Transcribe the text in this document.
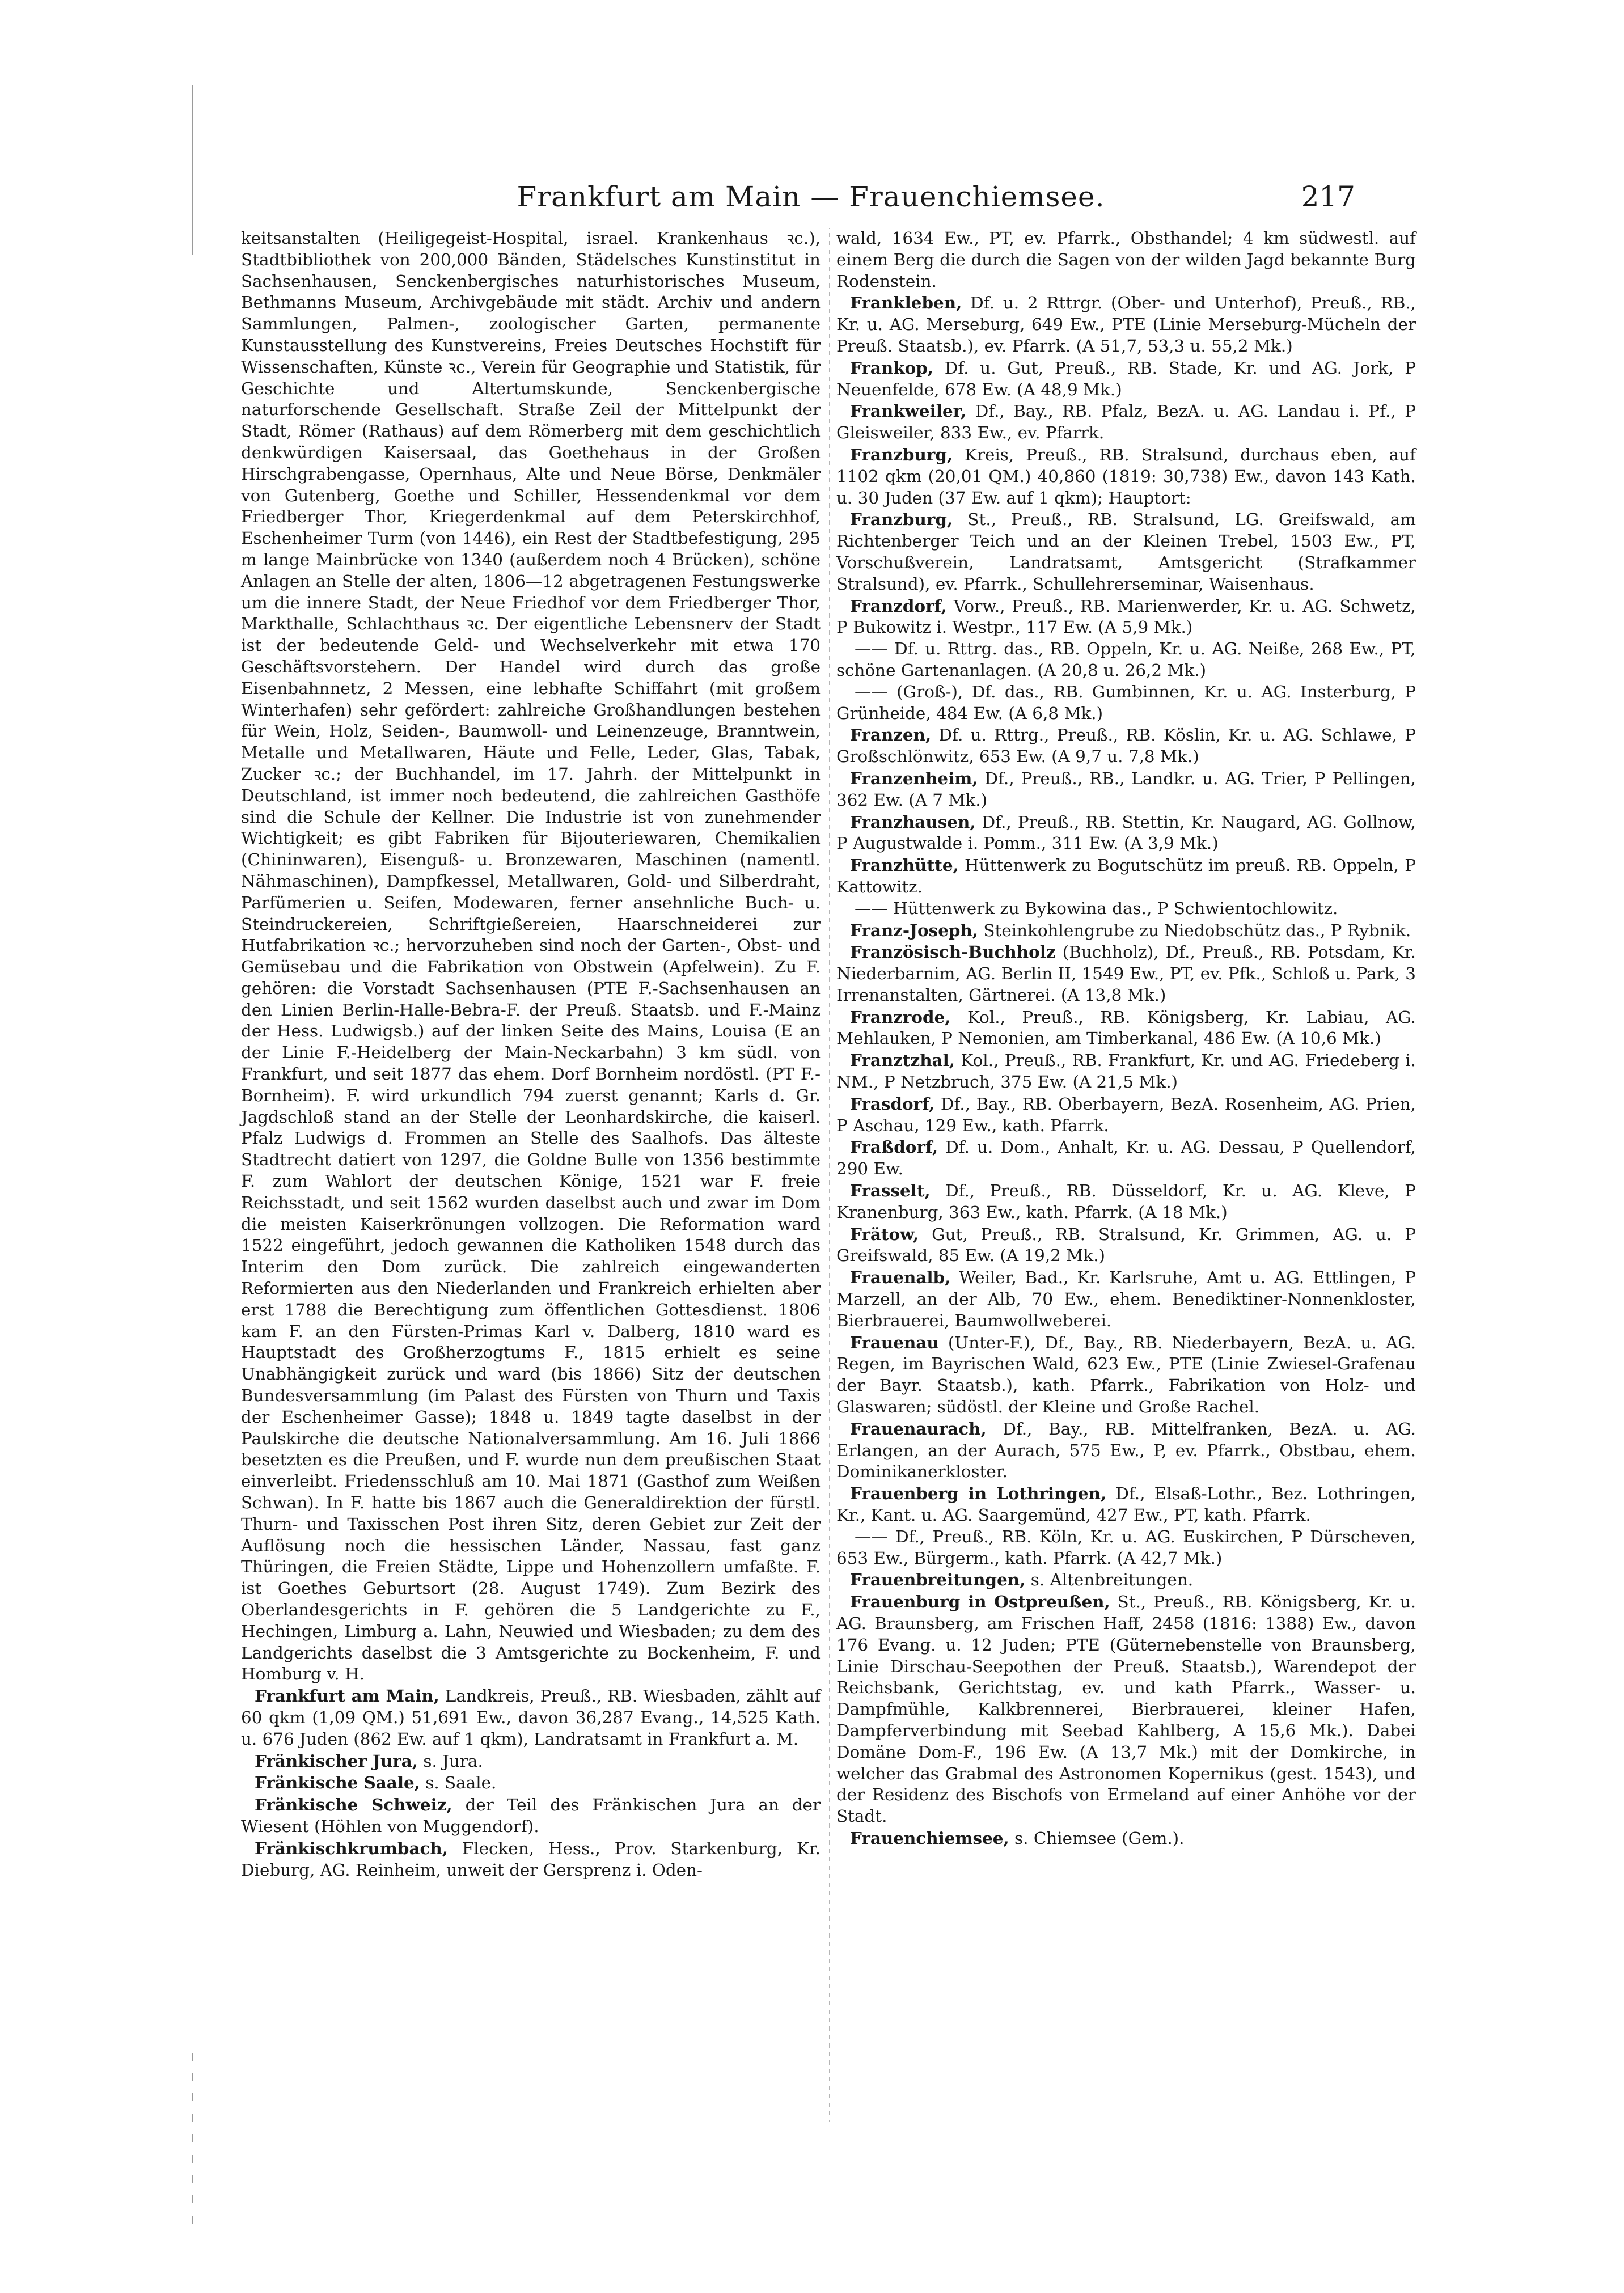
Frankfurt am Main — Frauenchiemsee.	217

keitsanstalten (Heiligegeist-Hospital, israel. Krankenhaus ꝛc.), Stadtbibliothek von 200,000 Bänden, Städelsches Kunstinstitut in Sachsenhausen, Senckenbergisches naturhistorisches Museum, Bethmanns Museum, Archivgebäude mit städt. Archiv und andern Sammlungen, Palmen-, zoologischer Garten, permanente Kunstausstellung des Kunstvereins, Freies Deutsches Hochstift für Wissenschaften, Künste ꝛc., Verein für Geographie und Statistik, für Geschichte und Altertumskunde, Senckenbergische naturforschende Gesellschaft. Straße Zeil der Mittelpunkt der Stadt, Römer (Rathaus) auf dem Römerberg mit dem geschichtlich denkwürdigen Kaisersaal, das Goethehaus in der Großen Hirschgrabengasse, Opernhaus, Alte und Neue Börse, Denkmäler von Gutenberg, Goethe und Schiller, Hessendenkmal vor dem Friedberger Thor, Kriegerdenkmal auf dem Peterskirchhof, Eschenheimer Turm (von 1446), ein Rest der Stadtbefestigung, 295 m lange Mainbrücke von 1340 (außerdem noch 4 Brücken), schöne Anlagen an Stelle der alten, 1806—12 abgetragenen Festungswerke um die innere Stadt, der Neue Friedhof vor dem Friedberger Thor, Markthalle, Schlachthaus ꝛc. Der eigentliche Lebensnerv der Stadt ist der bedeutende Geld- und Wechselverkehr mit etwa 170 Geschäftsvorstehern. Der Handel wird durch das große Eisenbahnnetz, 2 Messen, eine lebhafte Schiffahrt (mit großem Winterhafen) sehr gefördert: zahlreiche Großhandlungen bestehen für Wein, Holz, Seiden-, Baumwoll- und Leinenzeuge, Branntwein, Metalle und Metallwaren, Häute und Felle, Leder, Glas, Tabak, Zucker ꝛc.; der Buchhandel, im 17. Jahrh. der Mittelpunkt in Deutschland, ist immer noch bedeutend, die zahlreichen Gasthöfe sind die Schule der Kellner. Die Industrie ist von zunehmender Wichtigkeit; es gibt Fabriken für Bijouteriewaren, Chemikalien (Chininwaren), Eisenguß- u. Bronzewaren, Maschinen (namentl. Nähmaschinen), Dampfkessel, Metallwaren, Gold- und Silberdraht, Parfümerien u. Seifen, Modewaren, ferner ansehnliche Buch- u. Steindruckereien, Schriftgießereien, Haarschneiderei zur Hutfabrikation ꝛc.; hervorzuheben sind noch der Garten-, Obst- und Gemüsebau und die Fabrikation von Obstwein (Apfelwein). Zu F. gehören: die Vorstadt Sachsenhausen (PTE F.-Sachsenhausen an den Linien Berlin-Halle-Bebra-F. der Preuß. Staatsb. und F.-Mainz der Hess. Ludwigsb.) auf der linken Seite des Mains, Louisa (E an der Linie F.-Heidelberg der Main-Neckarbahn) 3 km südl. von Frankfurt, und seit 1877 das ehem. Dorf Bornheim nordöstl. (PT F.-Bornheim). F. wird urkundlich 794 zuerst genannt; Karls d. Gr. Jagdschloß stand an der Stelle der Leonhardskirche, die kaiserl. Pfalz Ludwigs d. Frommen an Stelle des Saalhofs. Das älteste Stadtrecht datiert von 1297, die Goldne Bulle von 1356 bestimmte F. zum Wahlort der deutschen Könige, 1521 war F. freie Reichsstadt, und seit 1562 wurden daselbst auch und zwar im Dom die meisten Kaiserkrönungen vollzogen. Die Reformation ward 1522 eingeführt, jedoch gewannen die Katholiken 1548 durch das Interim den Dom zurück. Die zahlreich eingewanderten Reformierten aus den Niederlanden und Frankreich erhielten aber erst 1788 die Berechtigung zum öffentlichen Gottesdienst. 1806 kam F. an den Fürsten-Primas Karl v. Dalberg, 1810 ward es Hauptstadt des Großherzogtums F., 1815 erhielt es seine Unabhängigkeit zurück und ward (bis 1866) Sitz der deutschen Bundesversammlung (im Palast des Fürsten von Thurn und Taxis der Eschenheimer Gasse); 1848 u. 1849 tagte daselbst in der Paulskirche die deutsche Nationalversammlung. Am 16. Juli 1866 besetzten es die Preußen, und F. wurde nun dem preußischen Staat einverleibt. Friedensschluß am 10. Mai 1871 (Gasthof zum Weißen Schwan). In F. hatte bis 1867 auch die Generaldirektion der fürstl. Thurn- und Taxisschen Post ihren Sitz, deren Gebiet zur Zeit der Auflösung noch die hessischen Länder, Nassau, fast ganz Thüringen, die Freien Städte, Lippe und Hohenzollern umfaßte. F. ist Goethes Geburtsort (28. August 1749). Zum Bezirk des Oberlandesgerichts in F. gehören die 5 Landgerichte zu F., Hechingen, Limburg a. Lahn, Neuwied und Wiesbaden; zu dem des Landgerichts daselbst die 3 Amtsgerichte zu Bockenheim, F. und Homburg v. H.

Frankfurt am Main, Landkreis, Preuß., RB. Wiesbaden, zählt auf 60 qkm (1,09 QM.) 51,691 Ew., davon 36,287 Evang., 14,525 Kath. u. 676 Juden (862 Ew. auf 1 qkm), Landratsamt in Frankfurt a. M.

Fränkischer Jura, s. Jura.

Fränkische Saale, s. Saale.

Fränkische Schweiz, der Teil des Fränkischen Jura an der Wiesent (Höhlen von Muggendorf).

Fränkischkrumbach, Flecken, Hess., Prov. Starkenburg, Kr. Dieburg, AG. Reinheim, unweit der Gersprenz i. Oden-

wald, 1634 Ew., PT, ev. Pfarrk., Obsthandel; 4 km südwestl. auf einem Berg die durch die Sagen von der wilden Jagd bekannte Burg Rodenstein.

Frankleben, Df. u. 2 Rttrgr. (Ober- und Unterhof), Preuß., RB., Kr. u. AG. Merseburg, 649 Ew., PTE (Linie Merseburg-Mücheln der Preuß. Staatsb.), ev. Pfarrk. (A 51,7, 53,3 u. 55,2 Mk.)

Frankop, Df. u. Gut, Preuß., RB. Stade, Kr. und AG. Jork, P Neuenfelde, 678 Ew. (A 48,9 Mk.)

Frankweiler, Df., Bay., RB. Pfalz, BezA. u. AG. Landau i. Pf., P Gleisweiler, 833 Ew., ev. Pfarrk.

Franzburg, Kreis, Preuß., RB. Stralsund, durchaus eben, auf 1102 qkm (20,01 QM.) 40,860 (1819: 30,738) Ew., davon 143 Kath. u. 30 Juden (37 Ew. auf 1 qkm); Hauptort:

Franzburg, St., Preuß., RB. Stralsund, LG. Greifswald, am Richtenberger Teich und an der Kleinen Trebel, 1503 Ew., PT, Vorschußverein, Landratsamt, Amtsgericht (Strafkammer Stralsund), ev. Pfarrk., Schullehrerseminar, Waisenhaus.

Franzdorf, Vorw., Preuß., RB. Marienwerder, Kr. u. AG. Schwetz, P Bukowitz i. Westpr., 117 Ew. (A 5,9 Mk.)

—— Df. u. Rttrg. das., RB. Oppeln, Kr. u. AG. Neiße, 268 Ew., PT, schöne Gartenanlagen. (A 20,8 u. 26,2 Mk.)

—— (Groß-), Df. das., RB. Gumbinnen, Kr. u. AG. Insterburg, P Grünheide, 484 Ew. (A 6,8 Mk.)

Franzen, Df. u. Rttrg., Preuß., RB. Köslin, Kr. u. AG. Schlawe, P Großschlönwitz, 653 Ew. (A 9,7 u. 7,8 Mk.)

Franzenheim, Df., Preuß., RB., Landkr. u. AG. Trier, P Pellingen, 362 Ew. (A 7 Mk.)

Franzhausen, Df., Preuß., RB. Stettin, Kr. Naugard, AG. Gollnow, P Augustwalde i. Pomm., 311 Ew. (A 3,9 Mk.)

Franzhütte, Hüttenwerk zu Bogutschütz im preuß. RB. Oppeln, P Kattowitz.

—— Hüttenwerk zu Bykowina das., P Schwientochlowitz.

Franz-Joseph, Steinkohlengrube zu Niedobschütz das., P Rybnik.

Französisch-Buchholz (Buchholz), Df., Preuß., RB. Potsdam, Kr. Niederbarnim, AG. Berlin II, 1549 Ew., PT, ev. Pfk., Schloß u. Park, 3 Irrenanstalten, Gärtnerei. (A 13,8 Mk.)

Franzrode, Kol., Preuß., RB. Königsberg, Kr. Labiau, AG. Mehlauken, P Nemonien, am Timberkanal, 486 Ew. (A 10,6 Mk.)

Franztzhal, Kol., Preuß., RB. Frankfurt, Kr. und AG. Friedeberg i. NM., P Netzbruch, 375 Ew. (A 21,5 Mk.)

Frasdorf, Df., Bay., RB. Oberbayern, BezA. Rosenheim, AG. Prien, P Aschau, 129 Ew., kath. Pfarrk.

Fraßdorf, Df. u. Dom., Anhalt, Kr. u. AG. Dessau, P Quellendorf, 290 Ew.

Frasselt, Df., Preuß., RB. Düsseldorf, Kr. u. AG. Kleve, P Kranenburg, 363 Ew., kath. Pfarrk. (A 18 Mk.)

Frätow, Gut, Preuß., RB. Stralsund, Kr. Grimmen, AG. u. P Greifswald, 85 Ew. (A 19,2 Mk.)

Frauenalb, Weiler, Bad., Kr. Karlsruhe, Amt u. AG. Ettlingen, P Marzell, an der Alb, 70 Ew., ehem. Benediktiner-Nonnenkloster, Bierbrauerei, Baumwollweberei.

Frauenau (Unter-F.), Df., Bay., RB. Niederbayern, BezA. u. AG. Regen, im Bayrischen Wald, 623 Ew., PTE (Linie Zwiesel-Grafenau der Bayr. Staatsb.), kath. Pfarrk., Fabrikation von Holz- und Glaswaren; südöstl. der Kleine und Große Rachel.

Frauenaurach, Df., Bay., RB. Mittelfranken, BezA. u. AG. Erlangen, an der Aurach, 575 Ew., P, ev. Pfarrk., Obstbau, ehem. Dominikanerkloster.

Frauenberg in Lothringen, Df., Elsaß-Lothr., Bez. Lothringen, Kr., Kant. u. AG. Saargemünd, 427 Ew., PT, kath. Pfarrk.

—— Df., Preuß., RB. Köln, Kr. u. AG. Euskirchen, P Dürscheven, 653 Ew., Bürgerm., kath. Pfarrk. (A 42,7 Mk.)

Frauenbreitungen, s. Altenbreitungen.

Frauenburg in Ostpreußen, St., Preuß., RB. Königsberg, Kr. u. AG. Braunsberg, am Frischen Haff, 2458 (1816: 1388) Ew., davon 176 Evang. u. 12 Juden; PTE (Güternebenstelle von Braunsberg, Linie Dirschau-Seepothen der Preuß. Staatsb.), Warendepot der Reichsbank, Gerichtstag, ev. und kath Pfarrk., Wasser- u. Dampfmühle, Kalkbrennerei, Bierbrauerei, kleiner Hafen, Dampferverbindung mit Seebad Kahlberg, A 15,6 Mk.). Dabei Domäne Dom-F., 196 Ew. (A 13,7 Mk.) mit der Domkirche, in welcher das Grabmal des Astronomen Kopernikus (gest. 1543), und der Residenz des Bischofs von Ermeland auf einer Anhöhe vor der Stadt.

Frauenchiemsee, s. Chiemsee (Gem.).
